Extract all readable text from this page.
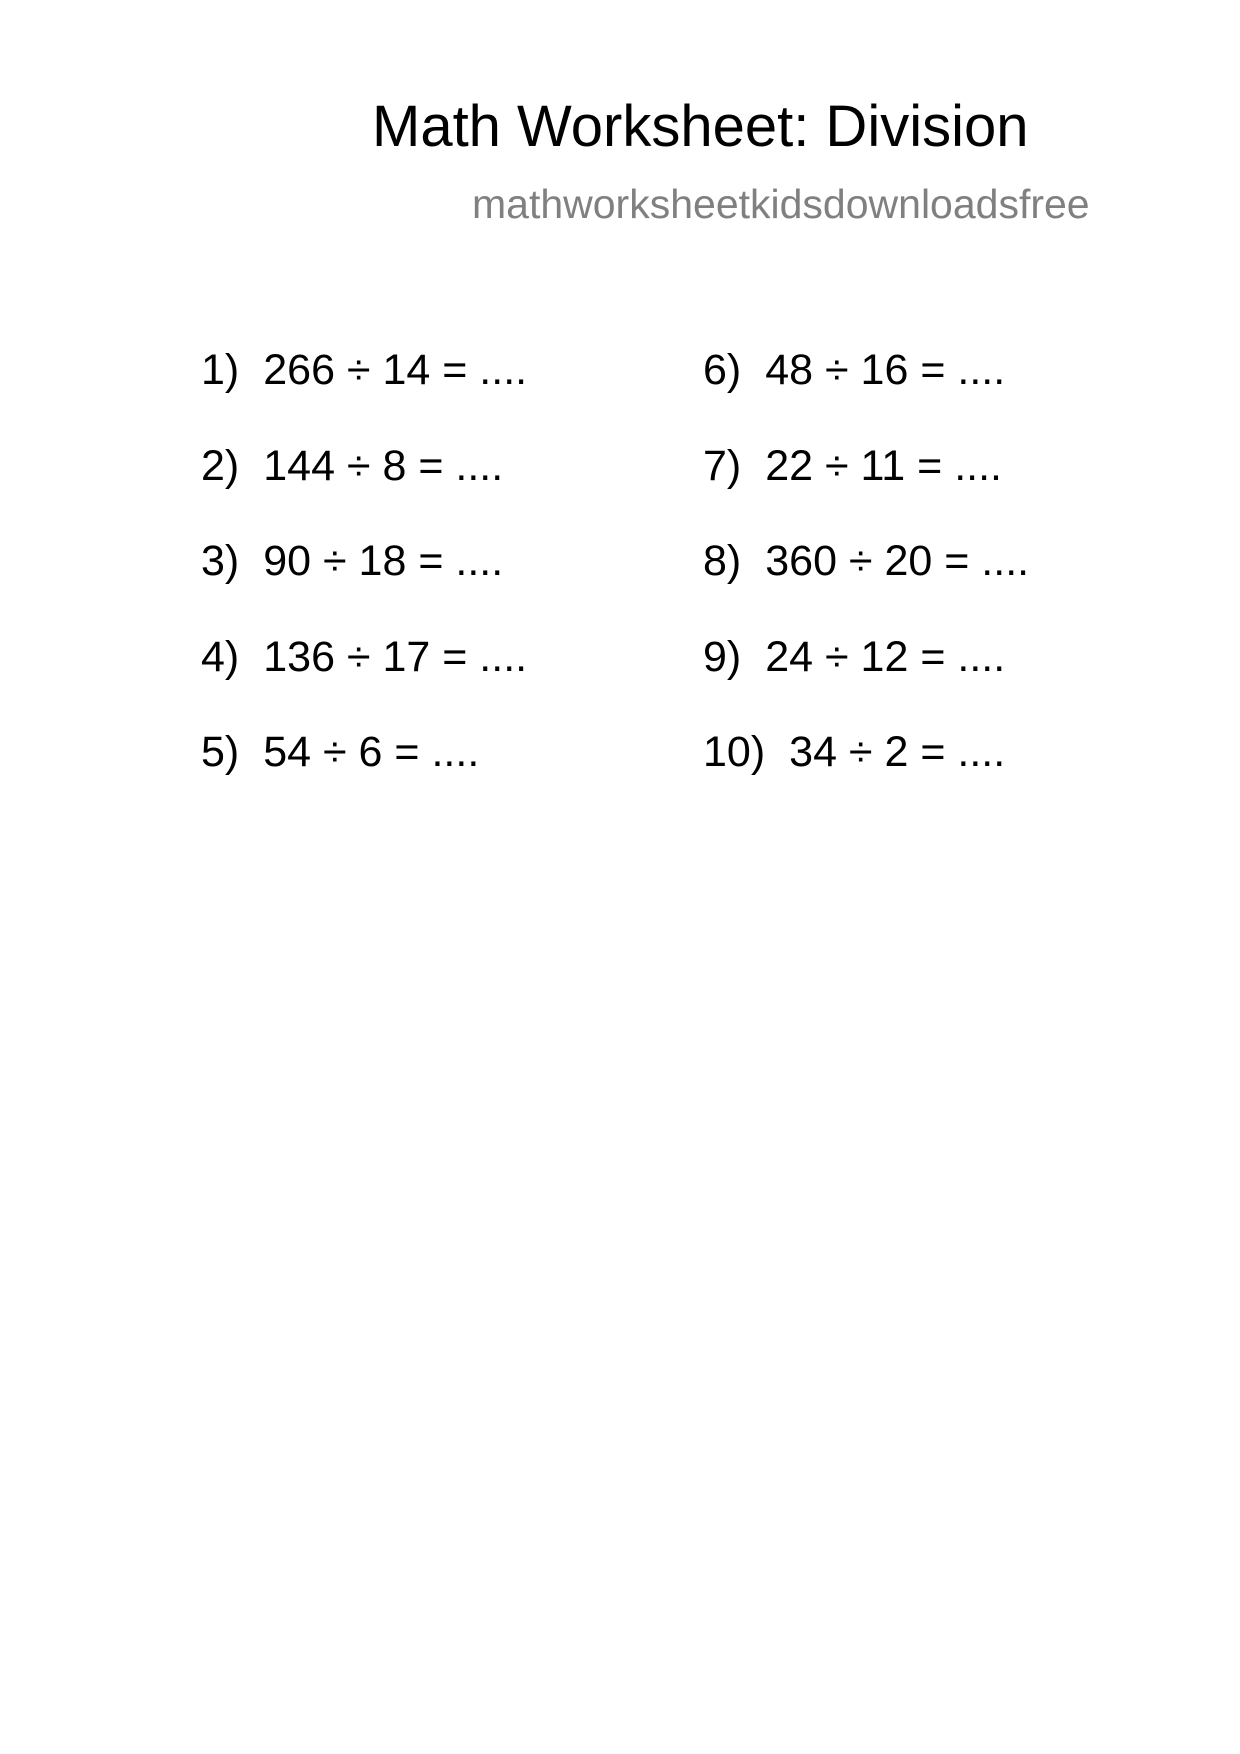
Math Worksheet: Division
mathworksheetkidsdownloadsfree
1) 266 ÷ 14 = ....
2) 144 ÷ 8 = ....
3) 90 ÷ 18 = ....
4) 136 ÷ 17 = ....
5) 54 ÷ 6 = ....
6) 48 ÷ 16 = ....
7) 22 ÷ 11 = ....
8) 360 ÷ 20 = ....
9) 24 ÷ 12 = ....
10) 34 ÷ 2 = ....
